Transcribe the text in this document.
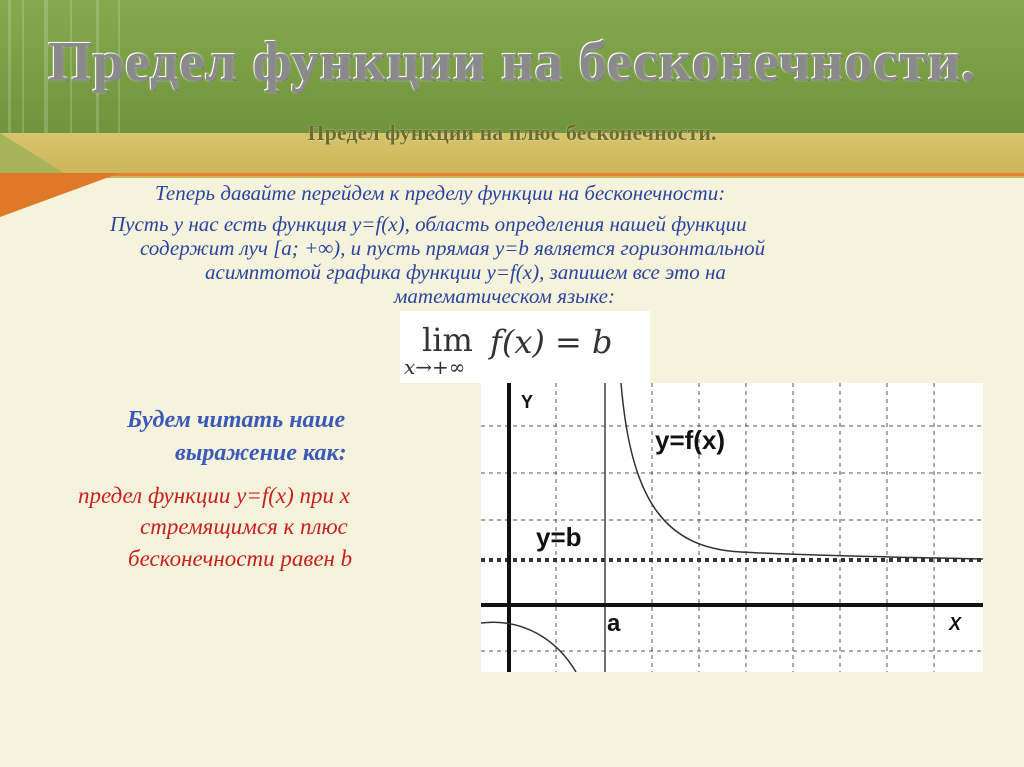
Предел функции на бесконечности.
Предел функции на плюс бесконечности.
Теперь давайте перейдем к пределу функции на бесконечности:
Пусть у нас есть функция y=f(x), область определения нашей функции
содержит луч [a; +∞), и пусть прямая y=b является горизонтальной
асимптотой графика функции y=f(x), запишем все это на
математическом языке:
lim
x→+∞
f(x) = b
Будем читать наше
выражение как:
предел функции y=f(x) при x
стремящимся к плюс
бесконечности равен b
Y
X
y=f(x)
y=b
a
